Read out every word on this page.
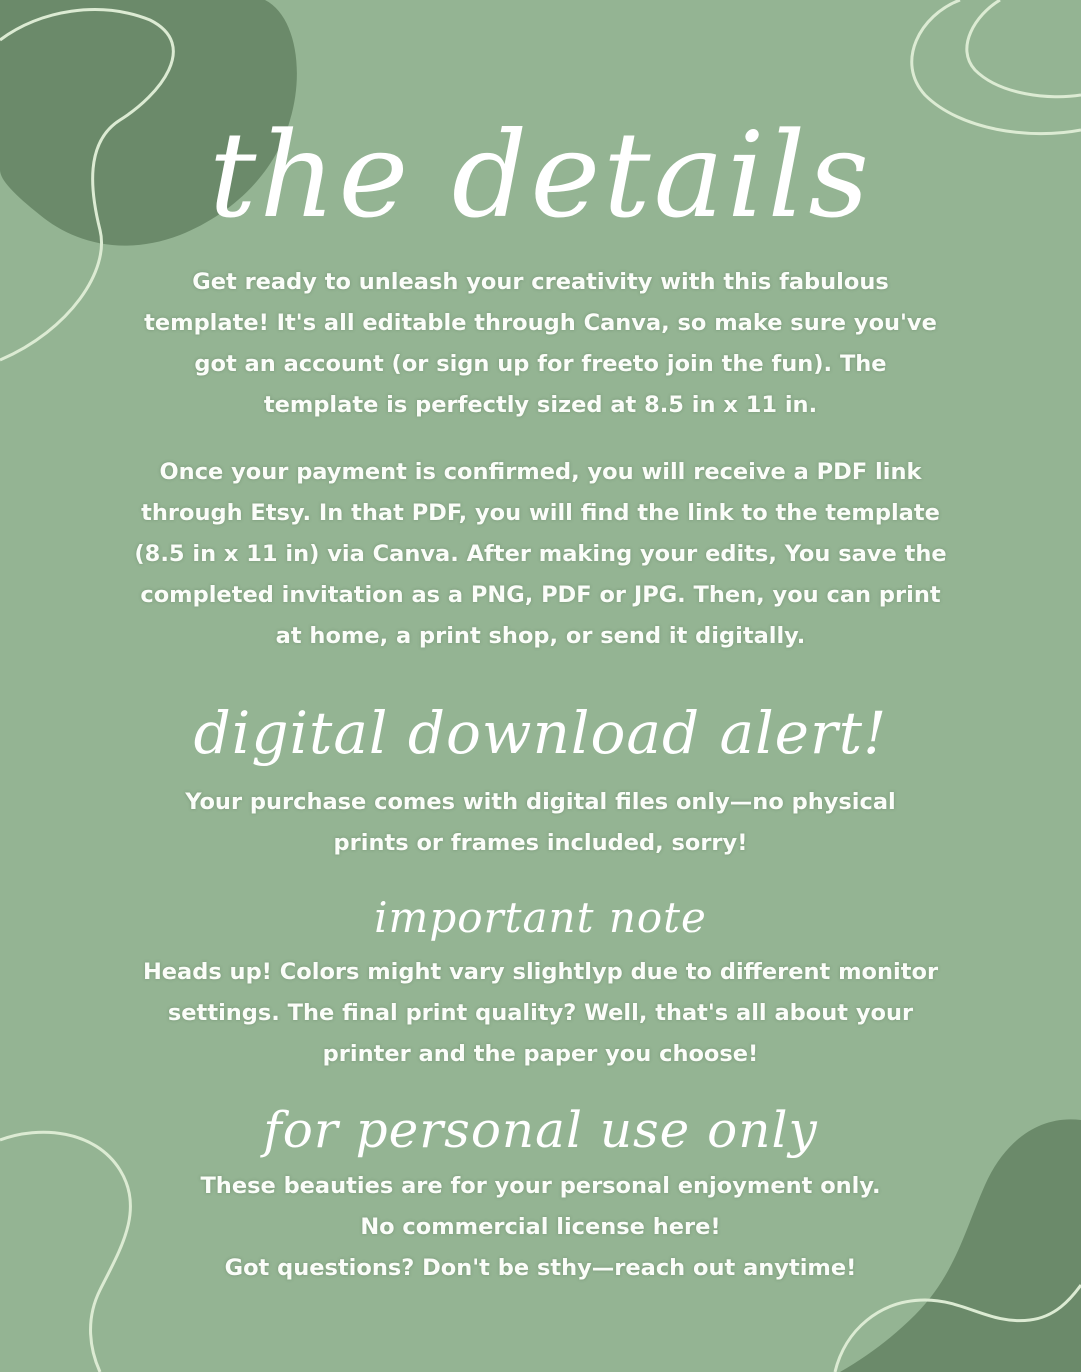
the details

Get ready to unleash your creativity with this fabulous
template! It's all editable through Canva, so make sure you've
got an account (or sign up for freeto join the fun). The
template is perfectly sized at 8.5 in x 11 in.

Once your payment is confirmed, you will receive a PDF link
through Etsy. In that PDF, you will find the link to the template
(8.5 in x 11 in) via Canva. After making your edits, You save the
completed invitation as a PNG, PDF or JPG. Then, you can print
at home, a print shop, or send it digitally.

digital download alert!

Your purchase comes with digital files only—no physical
prints or frames included, sorry!

important note

Heads up! Colors might vary slightlyp due to different monitor
settings. The final print quality? Well, that's all about your
printer and the paper you choose!

for personal use only

These beauties are for your personal enjoyment only.
No commercial license here!
Got questions? Don't be sthy—reach out anytime!
